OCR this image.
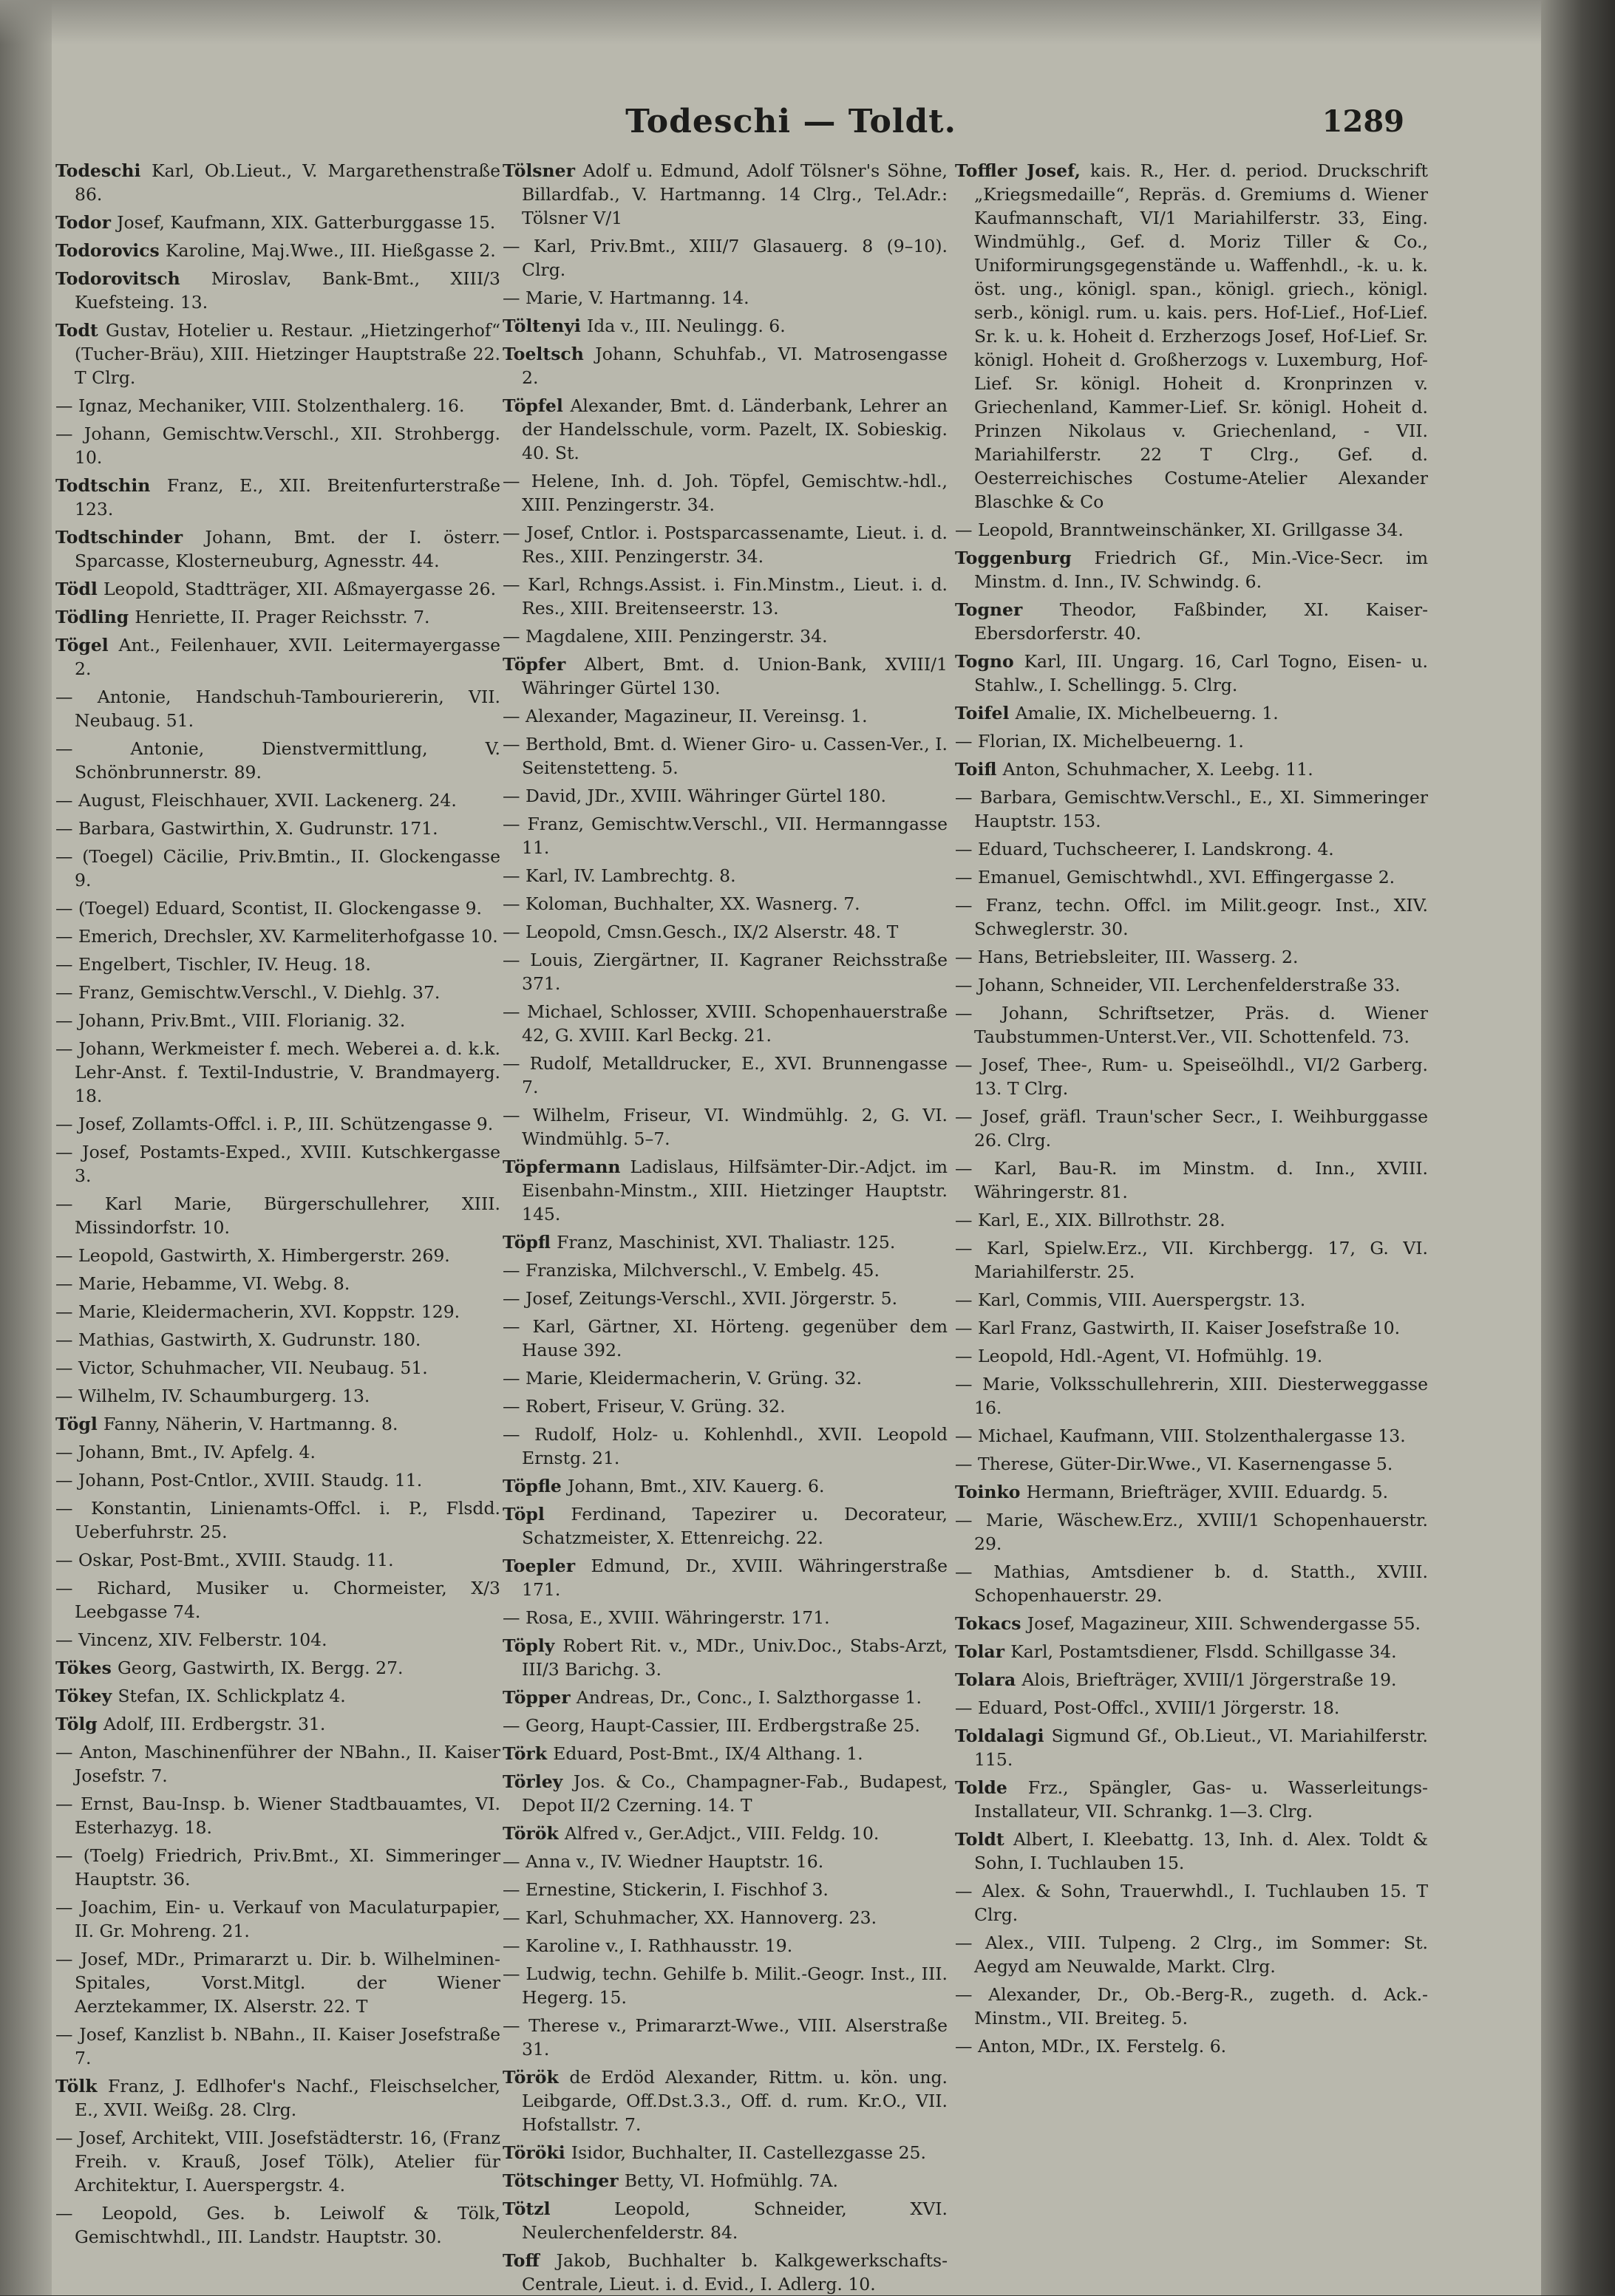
Todeschi — Toldt.	1289
Todeschi Karl, Ob.Lieut., V. Margarethenstraße 86.
Todor Josef, Kaufmann, XIX. Gatterburggasse 15.
Todorovics Karoline, Maj.Wwe., III. Hießgasse 2.
Todorovitsch Miroslav, Bank-Bmt., XIII/3 Kuefsteing. 13.
Todt Gustav, Hotelier u. Restaur. „Hietzingerhof“ (Tucher-Bräu), XIII. Hietzinger Hauptstraße 22. T Clrg.
— Ignaz, Mechaniker, VIII. Stolzenthalerg. 16.
— Johann, Gemischtw.Verschl., XII. Strohbergg. 10.
Todtschin Franz, E., XII. Breitenfurterstraße 123.
Todtschinder Johann, Bmt. der I. österr. Sparcasse, Klosterneuburg, Agnesstr. 44.
Tödl Leopold, Stadtträger, XII. Aßmayergasse 26.
Tödling Henriette, II. Prager Reichsstr. 7.
Tögel Ant., Feilenhauer, XVII. Leitermayergasse 2.
— Antonie, Handschuh-Tambouriererin, VII. Neubaug. 51.
— Antonie, Dienstvermittlung, V. Schönbrunnerstr. 89.
— August, Fleischhauer, XVII. Lackenerg. 24.
— Barbara, Gastwirthin, X. Gudrunstr. 171.
— (Toegel) Cäcilie, Priv.Bmtin., II. Glockengasse 9.
— (Toegel) Eduard, Scontist, II. Glockengasse 9.
— Emerich, Drechsler, XV. Karmeliterhofgasse 10.
— Engelbert, Tischler, IV. Heug. 18.
— Franz, Gemischtw.Verschl., V. Diehlg. 37.
— Johann, Priv.Bmt., VIII. Florianig. 32.
— Johann, Werkmeister f. mech. Weberei a. d. k.k. Lehr-Anst. f. Textil-Industrie, V. Brandmayerg. 18.
— Josef, Zollamts-Offcl. i. P., III. Schützengasse 9.
— Josef, Postamts-Exped., XVIII. Kutschkergasse 3.
— Karl Marie, Bürgerschullehrer, XIII. Missindorfstr. 10.
— Leopold, Gastwirth, X. Himbergerstr. 269.
— Marie, Hebamme, VI. Webg. 8.
— Marie, Kleidermacherin, XVI. Koppstr. 129.
— Mathias, Gastwirth, X. Gudrunstr. 180.
— Victor, Schuhmacher, VII. Neubaug. 51.
— Wilhelm, IV. Schaumburgerg. 13.
Tögl Fanny, Näherin, V. Hartmanng. 8.
— Johann, Bmt., IV. Apfelg. 4.
— Johann, Post-Cntlor., XVIII. Staudg. 11.
— Konstantin, Linienamts-Offcl. i. P., Flsdd. Ueberfuhrstr. 25.
— Oskar, Post-Bmt., XVIII. Staudg. 11.
— Richard, Musiker u. Chormeister, X/3 Leebgasse 74.
— Vincenz, XIV. Felberstr. 104.
Tökes Georg, Gastwirth, IX. Bergg. 27.
Tökey Stefan, IX. Schlickplatz 4.
Tölg Adolf, III. Erdbergstr. 31.
— Anton, Maschinenführer der NBahn., II. Kaiser Josefstr. 7.
— Ernst, Bau-Insp. b. Wiener Stadtbauamtes, VI. Esterhazyg. 18.
— (Toelg) Friedrich, Priv.Bmt., XI. Simmeringer Hauptstr. 36.
— Joachim, Ein- u. Verkauf von Maculaturpapier, II. Gr. Mohreng. 21.
— Josef, MDr., Primararzt u. Dir. b. Wilhelminen-Spitales, Vorst.Mitgl. der Wiener Aerztekammer, IX. Alserstr. 22. T
— Josef, Kanzlist b. NBahn., II. Kaiser Josefstraße 7.
Tölk Franz, J. Edlhofer's Nachf., Fleischselcher, E., XVII. Weißg. 28. Clrg.
— Josef, Architekt, VIII. Josefstädterstr. 16, (Franz Freih. v. Krauß, Josef Tölk), Atelier für Architektur, I. Auerspergstr. 4.
— Leopold, Ges. b. Leiwolf & Tölk, Gemischtwhdl., III. Landstr. Hauptstr. 30.
Tölsner Adolf u. Edmund, Adolf Tölsner's Söhne, Billardfab., V. Hartmanng. 14 Clrg., Tel.Adr.: Tölsner V/1
— Karl, Priv.Bmt., XIII/7 Glasauerg. 8 (9–10). Clrg.
— Marie, V. Hartmanng. 14.
Töltenyi Ida v., III. Neulingg. 6.
Toeltsch Johann, Schuhfab., VI. Matrosengasse 2.
Töpfel Alexander, Bmt. d. Länderbank, Lehrer an der Handelsschule, vorm. Pazelt, IX. Sobieskig. 40. St.
— Helene, Inh. d. Joh. Töpfel, Gemischtw.-hdl., XIII. Penzingerstr. 34.
— Josef, Cntlor. i. Postsparcassenamte, Lieut. i. d. Res., XIII. Penzingerstr. 34.
— Karl, Rchngs.Assist. i. Fin.Minstm., Lieut. i. d. Res., XIII. Breitenseerstr. 13.
— Magdalene, XIII. Penzingerstr. 34.
Töpfer Albert, Bmt. d. Union-Bank, XVIII/1 Währinger Gürtel 130.
— Alexander, Magazineur, II. Vereinsg. 1.
— Berthold, Bmt. d. Wiener Giro- u. Cassen-Ver., I. Seitenstetteng. 5.
— David, JDr., XVIII. Währinger Gürtel 180.
— Franz, Gemischtw.Verschl., VII. Hermanngasse 11.
— Karl, IV. Lambrechtg. 8.
— Koloman, Buchhalter, XX. Wasnerg. 7.
— Leopold, Cmsn.Gesch., IX/2 Alserstr. 48. T
— Louis, Ziergärtner, II. Kagraner Reichsstraße 371.
— Michael, Schlosser, XVIII. Schopenhauerstraße 42, G. XVIII. Karl Beckg. 21.
— Rudolf, Metalldrucker, E., XVI. Brunnengasse 7.
— Wilhelm, Friseur, VI. Windmühlg. 2, G. VI. Windmühlg. 5–7.
Töpfermann Ladislaus, Hilfsämter-Dir.-Adjct. im Eisenbahn-Minstm., XIII. Hietzinger Hauptstr. 145.
Töpfl Franz, Maschinist, XVI. Thaliastr. 125.
— Franziska, Milchverschl., V. Embelg. 45.
— Josef, Zeitungs-Verschl., XVII. Jörgerstr. 5.
— Karl, Gärtner, XI. Hörteng. gegenüber dem Hause 392.
— Marie, Kleidermacherin, V. Grüng. 32.
— Robert, Friseur, V. Grüng. 32.
— Rudolf, Holz- u. Kohlenhdl., XVII. Leopold Ernstg. 21.
Töpfle Johann, Bmt., XIV. Kauerg. 6.
Töpl Ferdinand, Tapezirer u. Decorateur, Schatzmeister, X. Ettenreichg. 22.
Toepler Edmund, Dr., XVIII. Währingerstraße 171.
— Rosa, E., XVIII. Währingerstr. 171.
Töply Robert Rit. v., MDr., Univ.Doc., Stabs-Arzt, III/3 Barichg. 3.
Töpper Andreas, Dr., Conc., I. Salzthorgasse 1.
— Georg, Haupt-Cassier, III. Erdbergstraße 25.
Törk Eduard, Post-Bmt., IX/4 Althang. 1.
Törley Jos. & Co., Champagner-Fab., Budapest, Depot II/2 Czerning. 14. T
Török Alfred v., Ger.Adjct., VIII. Feldg. 10.
— Anna v., IV. Wiedner Hauptstr. 16.
— Ernestine, Stickerin, I. Fischhof 3.
— Karl, Schuhmacher, XX. Hannoverg. 23.
— Karoline v., I. Rathhausstr. 19.
— Ludwig, techn. Gehilfe b. Milit.-Geogr. Inst., III. Hegerg. 15.
— Therese v., Primararzt-Wwe., VIII. Alserstraße 31.
Török de Erdöd Alexander, Rittm. u. kön. ung. Leibgarde, Off.Dst.3.3., Off. d. rum. Kr.O., VII. Hofstallstr. 7.
Töröki Isidor, Buchhalter, II. Castellezgasse 25.
Tötschinger Betty, VI. Hofmühlg. 7A.
Tötzl Leopold, Schneider, XVI. Neulerchenfelderstr. 84.
Toff Jakob, Buchhalter b. Kalkgewerkschafts-Centrale, Lieut. i. d. Evid., I. Adlerg. 10.
Toffler Josef, kais. R., Her. d. period. Druckschrift „Kriegsmedaille“, Repräs. d. Gremiums d. Wiener Kaufmannschaft, VI/1 Mariahilferstr. 33, Eing. Windmühlg., Gef. d. Moriz Tiller & Co., Uniformirungsgegenstände u. Waffenhdl., -k. u. k. öst. ung., königl. span., königl. griech., königl. serb., königl. rum. u. kais. pers. Hof-Lief., Hof-Lief. Sr. k. u. k. Hoheit d. Erzherzogs Josef, Hof-Lief. Sr. königl. Hoheit d. Großherzogs v. Luxemburg, Hof-Lief. Sr. königl. Hoheit d. Kronprinzen v. Griechenland, Kammer-Lief. Sr. königl. Hoheit d. Prinzen Nikolaus v. Griechenland, - VII. Mariahilferstr. 22 T Clrg., Gef. d. Oesterreichisches Costume-Atelier Alexander Blaschke & Co
— Leopold, Branntweinschänker, XI. Grillgasse 34.
Toggenburg Friedrich Gf., Min.-Vice-Secr. im Minstm. d. Inn., IV. Schwindg. 6.
Togner Theodor, Faßbinder, XI. Kaiser-Ebersdorferstr. 40.
Togno Karl, III. Ungarg. 16, Carl Togno, Eisen- u. Stahlw., I. Schellingg. 5. Clrg.
Toifel Amalie, IX. Michelbeuerng. 1.
— Florian, IX. Michelbeuerng. 1.
Toifl Anton, Schuhmacher, X. Leebg. 11.
— Barbara, Gemischtw.Verschl., E., XI. Simmeringer Hauptstr. 153.
— Eduard, Tuchscheerer, I. Landskrong. 4.
— Emanuel, Gemischtwhdl., XVI. Effingergasse 2.
— Franz, techn. Offcl. im Milit.geogr. Inst., XIV. Schweglerstr. 30.
— Hans, Betriebsleiter, III. Wasserg. 2.
— Johann, Schneider, VII. Lerchenfelderstraße 33.
— Johann, Schriftsetzer, Präs. d. Wiener Taubstummen-Unterst.Ver., VII. Schottenfeld. 73.
— Josef, Thee-, Rum- u. Speiseölhdl., VI/2 Garberg. 13. T Clrg.
— Josef, gräfl. Traun'scher Secr., I. Weihburggasse 26. Clrg.
— Karl, Bau-R. im Minstm. d. Inn., XVIII. Währingerstr. 81.
— Karl, E., XIX. Billrothstr. 28.
— Karl, Spielw.Erz., VII. Kirchbergg. 17, G. VI. Mariahilferstr. 25.
— Karl, Commis, VIII. Auerspergstr. 13.
— Karl Franz, Gastwirth, II. Kaiser Josefstraße 10.
— Leopold, Hdl.-Agent, VI. Hofmühlg. 19.
— Marie, Volksschullehrerin, XIII. Diesterweggasse 16.
— Michael, Kaufmann, VIII. Stolzenthalergasse 13.
— Therese, Güter-Dir.Wwe., VI. Kasernengasse 5.
Toinko Hermann, Briefträger, XVIII. Eduardg. 5.
— Marie, Wäschew.Erz., XVIII/1 Schopenhauerstr. 29.
— Mathias, Amtsdiener b. d. Statth., XVIII. Schopenhauerstr. 29.
Tokacs Josef, Magazineur, XIII. Schwendergasse 55.
Tolar Karl, Postamtsdiener, Flsdd. Schillgasse 34.
Tolara Alois, Briefträger, XVIII/1 Jörgerstraße 19.
— Eduard, Post-Offcl., XVIII/1 Jörgerstr. 18.
Toldalagi Sigmund Gf., Ob.Lieut., VI. Mariahilferstr. 115.
Tolde Frz., Spängler, Gas- u. Wasserleitungs-Installateur, VII. Schrankg. 1—3. Clrg.
Toldt Albert, I. Kleebattg. 13, Inh. d. Alex. Toldt & Sohn, I. Tuchlauben 15.
— Alex. & Sohn, Trauerwhdl., I. Tuchlauben 15. T Clrg.
— Alex., VIII. Tulpeng. 2 Clrg., im Sommer: St. Aegyd am Neuwalde, Markt. Clrg.
— Alexander, Dr., Ob.-Berg-R., zugeth. d. Ack.-Minstm., VII. Breiteg. 5.
— Anton, MDr., IX. Ferstelg. 6.
